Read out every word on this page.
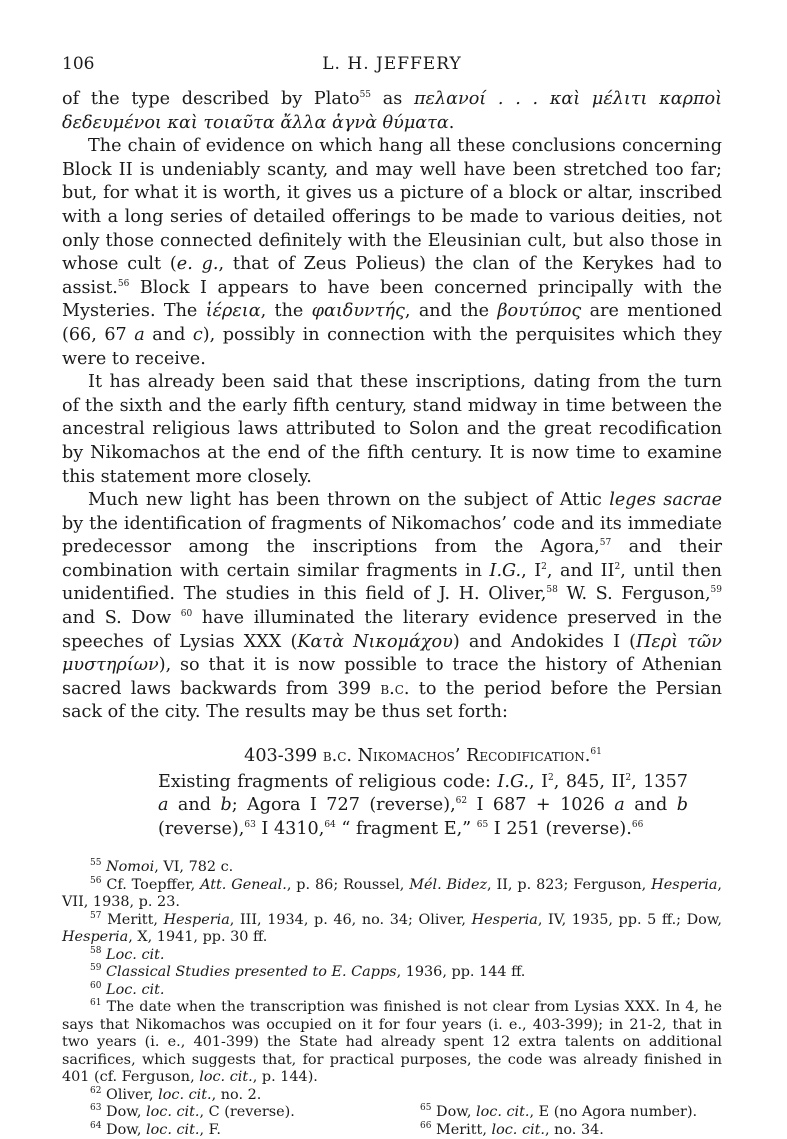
106	L. H. JEFFERY

of the type described by Plato$^{55}$ as πελανοί . . . καὶ μέλιτι καρποὶ δεδευμένοι καὶ τοιαῦτα ἄλλα ἁγνὰ θύματα.

The chain of evidence on which hang all these conclusions concerning Block II is undeniably scanty, and may well have been stretched too far; but, for what it is worth, it gives us a picture of a block or altar, inscribed with a long series of detailed offerings to be made to various deities, not only those connected definitely with the Eleusinian cult, but also those in whose cult (e. g., that of Zeus Polieus) the clan of the Kerykes had to assist.$^{56}$ Block I appears to have been concerned principally with the Mysteries. The ἱέρεια, the φαιδυντής, and the βουτύπος are mentioned (66, 67 a and c), possibly in connection with the perquisites which they were to receive.

It has already been said that these inscriptions, dating from the turn of the sixth and the early fifth century, stand midway in time between the ancestral religious laws attributed to Solon and the great recodification by Nikomachos at the end of the fifth century. It is now time to examine this statement more closely.

Much new light has been thrown on the subject of Attic leges sacrae by the identification of fragments of Nikomachos’ code and its immediate predecessor among the inscriptions from the Agora,$^{57}$ and their combination with certain similar fragments in I.G., $I^2$, and $II^2$, until then unidentified. The studies in this field of J. H. Oliver,$^{58}$ W. S. Ferguson,$^{59}$ and S. Dow $^{60}$ have illuminated the literary evidence preserved in the speeches of Lysias XXX (Κατὰ Νικομάχου) and Andokides I (Περὶ τῶν μυστηρίων), so that it is now possible to trace the history of Athenian sacred laws backwards from 399 b.c. to the period before the Persian sack of the city. The results may be thus set forth:

403-399 b.c. Nikomachos’ Recodification.$^{61}$
Existing fragments of religious code: I.G., $I^2$, 845, $II^2$, 1357 a and b; Agora I 727 (reverse),$^{62}$ I 687 + 1026 a and b (reverse),$^{63}$ I 4310,64 “ fragment E,” $^{65}$ I 251 (reverse).$^{66}$

$^{55}$ Nomoi, VI, 782 c.

$^{56}$ Cf. Toepffer, Att. Geneal., p. 86; Roussel, Mél. Bidez, II, p. 823; Ferguson, Hesperia, VII, 1938, p. 23.

$^{57}$ Meritt, Hesperia, III, 1934, p. 46, no. 34; Oliver, Hesperia, IV, 1935, pp. 5 ff.; Dow, Hesperia, X, 1941, pp. 30 ff.

$^{58}$ Loc. cit.

$^{59}$ Classical Studies presented to E. Capps, 1936, pp. 144 ff.

$^{60}$ Loc. cit.

$^{61}$ The date when the transcription was finished is not clear from Lysias XXX. In 4, he says that Nikomachos was occupied on it for four years (i. e., 403-399); in 21-2, that in two years (i. e., 401-399) the State had already spent 12 extra talents on additional sacrifices, which suggests that, for practical purposes, the code was already finished in 401 (cf. Ferguson, loc. cit., p. 144).

$^{62}$ Oliver, loc. cit., no. 2.

$^{63}$ Dow, loc. cit., C (reverse).	$^{65}$ Dow, loc. cit., E (no Agora number).

$^{64}$ Dow, loc. cit., F.	$^{66}$ Meritt, loc. cit., no. 34.
